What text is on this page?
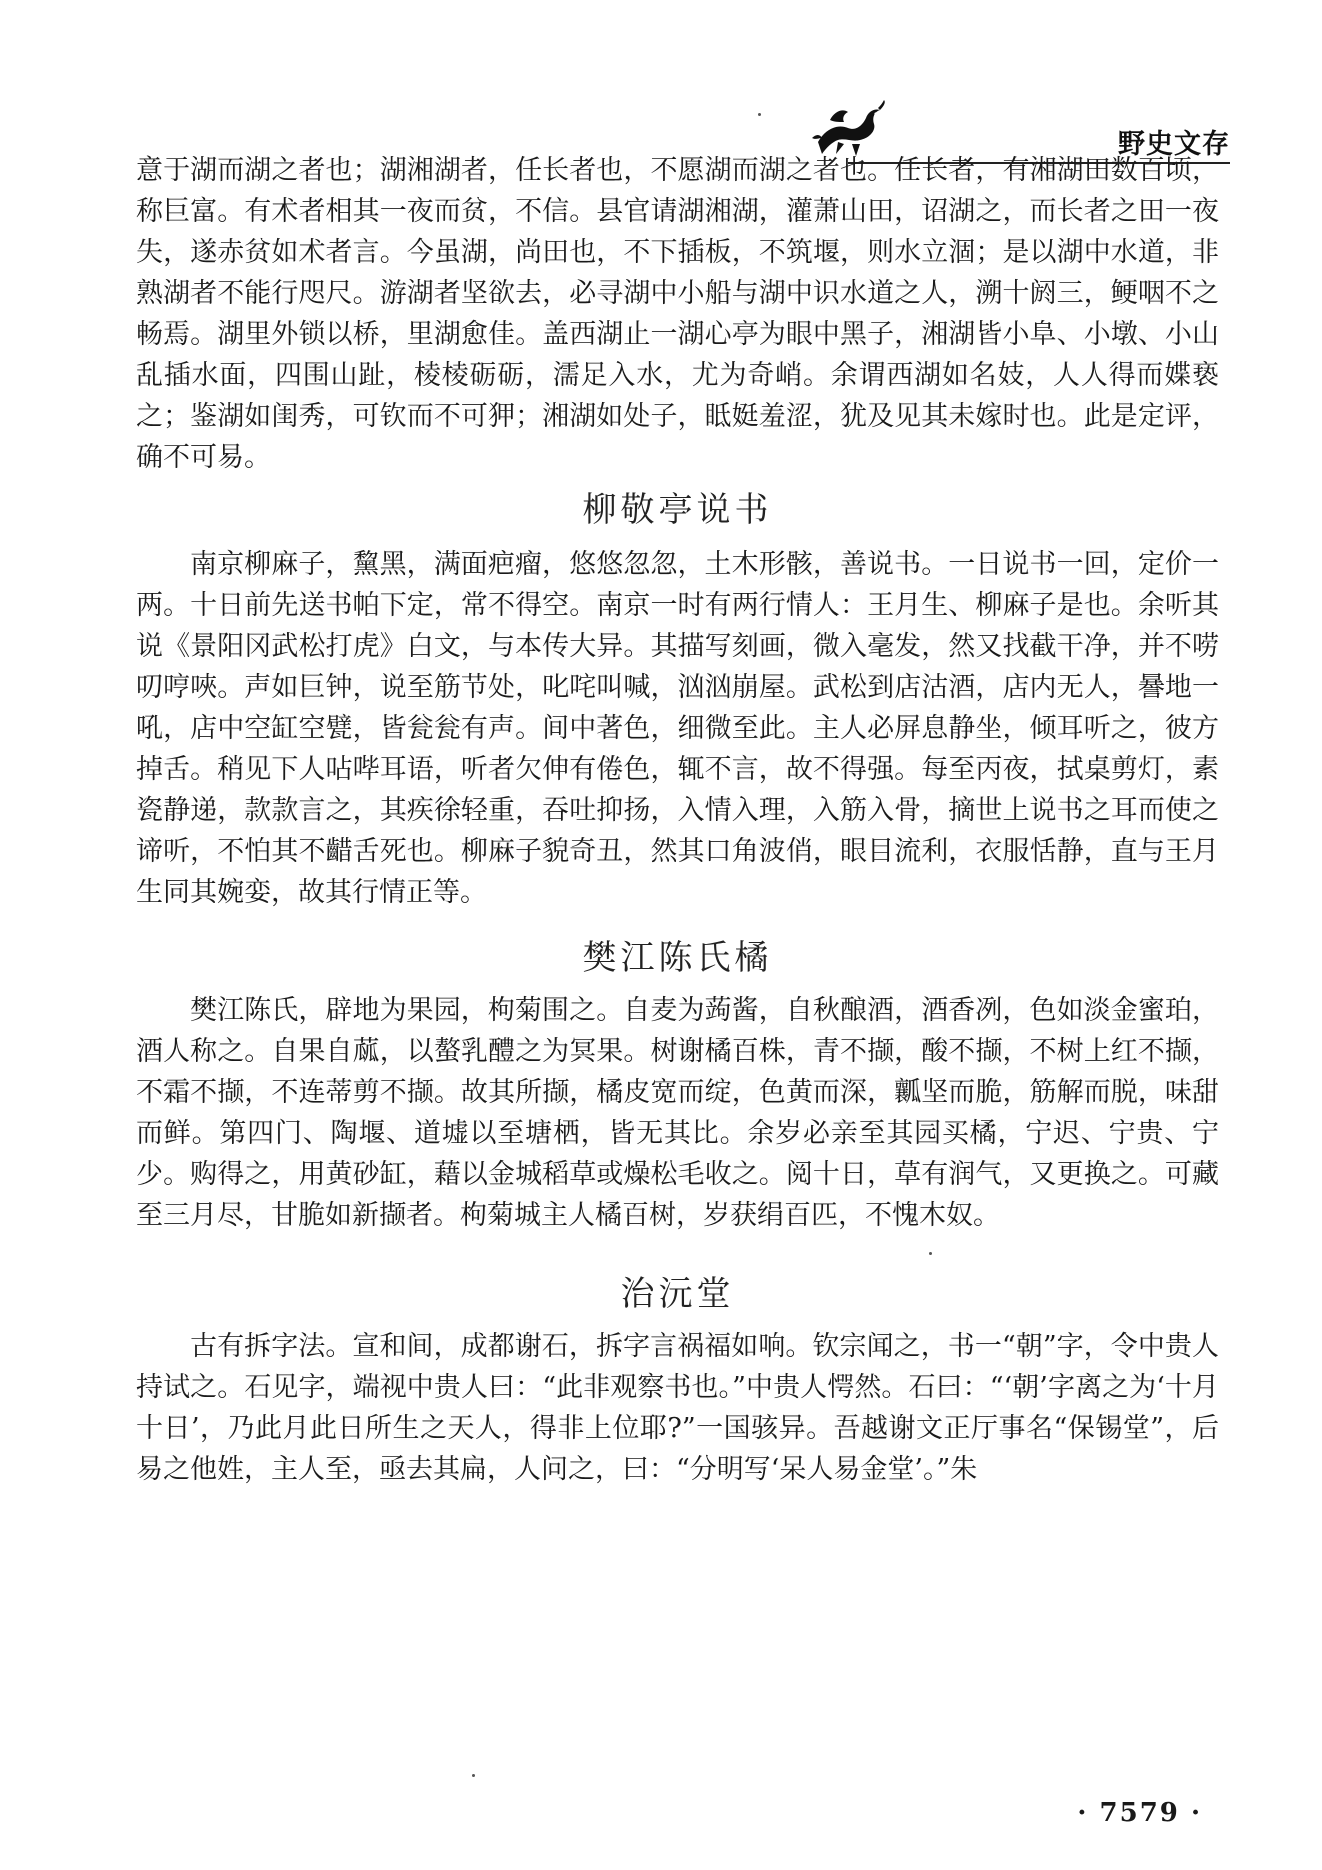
野史文存

意于湖而湖之者也；湖湘湖者，任长者也，不愿湖而湖之者也。任长者，有湘湖田数百顷，称巨富。有术者相其一夜而贫，不信。县官请湖湘湖，灌萧山田，诏湖之，而长者之田一夜失，遂赤贫如术者言。今虽湖，尚田也，不下插板，不筑堰，则水立涸；是以湖中水道，非熟湖者不能行咫尺。游湖者坚欲去，必寻湖中小船与湖中识水道之人，溯十阏三，鲠咽不之畅焉。湖里外锁以桥，里湖愈佳。盖西湖止一湖心亭为眼中黑子，湘湖皆小阜、小墩、小山乱插水面，四围山趾，棱棱砺砺，濡足入水，尤为奇峭。余谓西湖如名妓，人人得而媟亵之；鉴湖如闺秀，可钦而不可狎；湘湖如处子，眡娗羞涩，犹及见其未嫁时也。此是定评，确不可易。

柳敬亭说书

南京柳麻子，黧黑，满面疤瘤，悠悠忽忽，土木形骸，善说书。一日说书一回，定价一两。十日前先送书帕下定，常不得空。南京一时有两行情人：王月生、柳麻子是也。余听其说《景阳冈武松打虎》白文，与本传大异。其描写刻画，微入毫发，然又找截干净，并不唠叨哼唊。声如巨钟，说至筋节处，叱咤叫喊，汹汹崩屋。武松到店沽酒，店内无人，謈地一吼，店中空缸空甓，皆瓮瓮有声。间中著色，细微至此。主人必屏息静坐，倾耳听之，彼方掉舌。稍见下人呫哔耳语，听者欠伸有倦色，辄不言，故不得强。每至丙夜，拭桌剪灯，素瓷静递，款款言之，其疾徐轻重，吞吐抑扬，入情入理，入筋入骨，摘世上说书之耳而使之谛听，不怕其不齰舌死也。柳麻子貌奇丑，然其口角波俏，眼目流利，衣服恬静，直与王月生同其婉娈，故其行情正等。

樊江陈氏橘

樊江陈氏，辟地为果园，枸菊围之。自麦为蒟酱，自秋酿酒，酒香冽，色如淡金蜜珀，酒人称之。自果自蓏，以螯乳醴之为冥果。树谢橘百株，青不撷，酸不撷，不树上红不撷，不霜不撷，不连蒂剪不撷。故其所撷，橘皮宽而绽，色黄而深，瓤坚而脆，筋解而脱，味甜而鲜。第四门、陶堰、道墟以至塘栖，皆无其比。余岁必亲至其园买橘，宁迟、宁贵、宁少。购得之，用黄砂缸，藉以金城稻草或燥松毛收之。阅十日，草有润气，又更换之。可藏至三月尽，甘脆如新撷者。枸菊城主人橘百树，岁获绢百匹，不愧木奴。

治沅堂

古有拆字法。宣和间，成都谢石，拆字言祸福如响。钦宗闻之，书一“朝”字，令中贵人持试之。石见字，端视中贵人曰：“此非观察书也。”中贵人愕然。石曰：“‘朝’字离之为‘十月十日’，乃此月此日所生之天人，得非上位耶?”一国骇异。吾越谢文正厅事名“保锡堂”，后易之他姓，主人至，亟去其扁，人问之，曰：“分明写‘呆人易金堂’。”朱

· 7579 ·
